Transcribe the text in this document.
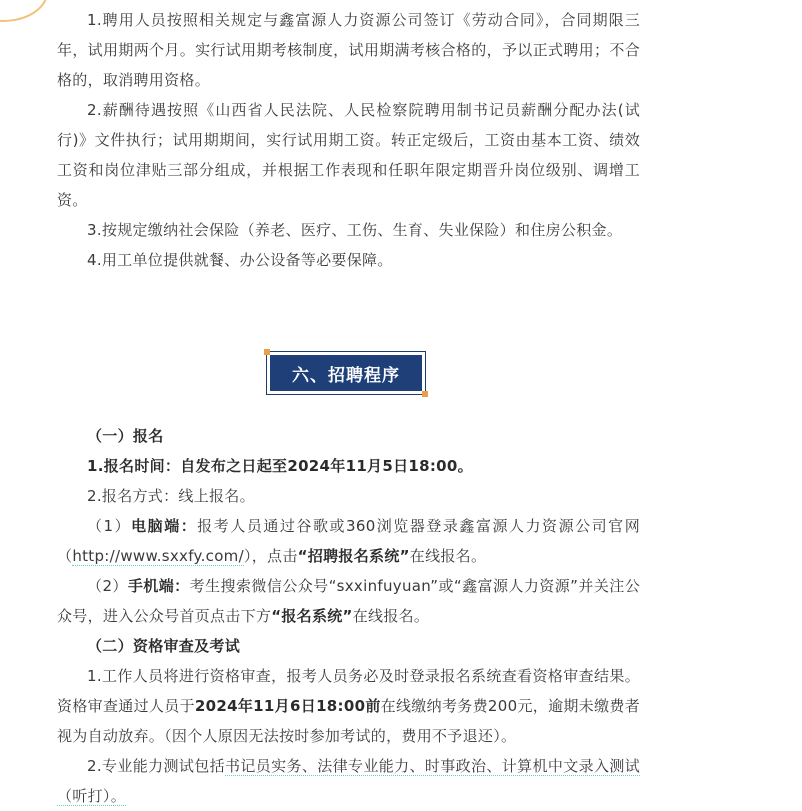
1.聘用人员按照相关规定与鑫富源人力资源公司签订《劳动合同》，合同期限三年，试用期两个月。实行试用期考核制度，试用期满考核合格的，予以正式聘用；不合格的，取消聘用资格。

2.薪酬待遇按照《山西省人民法院、人民检察院聘用制书记员薪酬分配办法(试行)》文件执行；试用期期间，实行试用期工资。转正定级后，工资由基本工资、绩效工资和岗位津贴三部分组成，并根据工作表现和任职年限定期晋升岗位级别、调增工资。

3.按规定缴纳社会保险（养老、医疗、工伤、生育、失业保险）和住房公积金。

4.用工单位提供就餐、办公设备等必要保障。

六、招聘程序

（一）报名

1.报名时间：自发布之日起至2024年11月5日18:00。

2.报名方式：线上报名。

（1）电脑端：报考人员通过谷歌或360浏览器登录鑫富源人力资源公司官网（http://www.sxxfy.com/），点击“招聘报名系统”在线报名。

（2）手机端：考生搜索微信公众号“sxxinfuyuan”或“鑫富源人力资源”并关注公众号，进入公众号首页点击下方“报名系统”在线报名。

（二）资格审查及考试

1.工作人员将进行资格审查，报考人员务必及时登录报名系统查看资格审查结果。资格审查通过人员于2024年11月6日18:00前在线缴纳考务费200元，逾期未缴费者视为自动放弃。（因个人原因无法按时参加考试的，费用不予退还）。

2.专业能力测试包括书记员实务、法律专业能力、时事政治、计算机中文录入测试（听打）。
